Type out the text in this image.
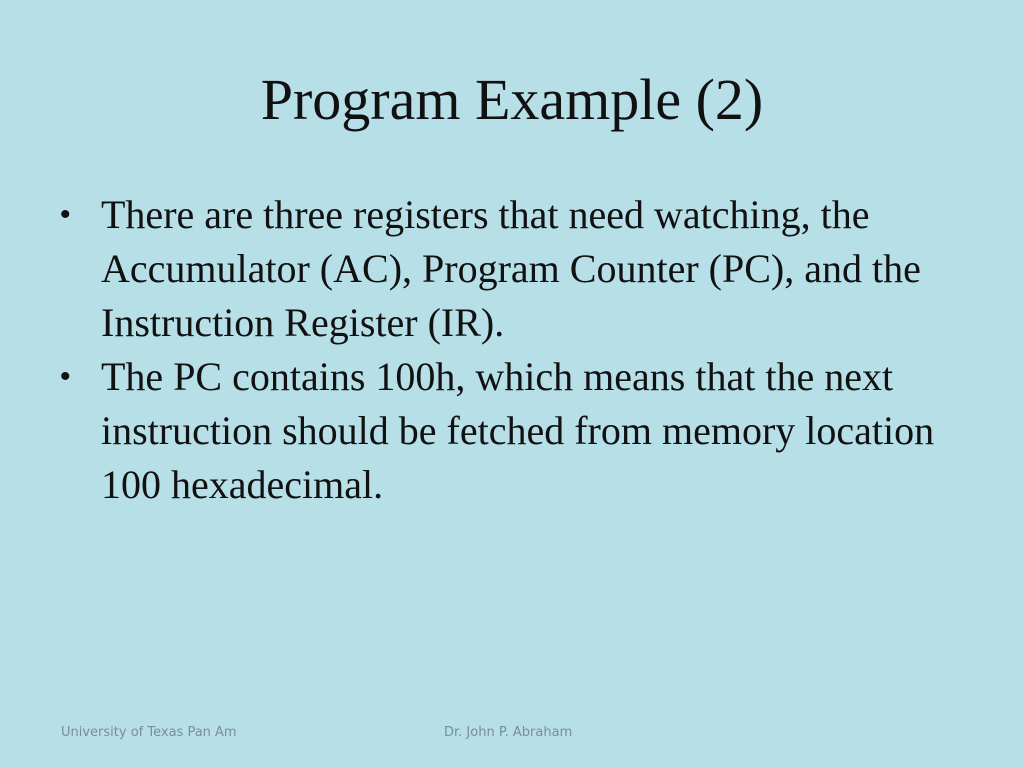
Program Example (2)
• There are three registers that need watching, the Accumulator (AC), Program Counter (PC), and the Instruction Register (IR).
• The PC contains 100h, which means that the next instruction should be fetched from memory location 100 hexadecimal.
University of Texas Pan Am	Dr. John P. Abraham
